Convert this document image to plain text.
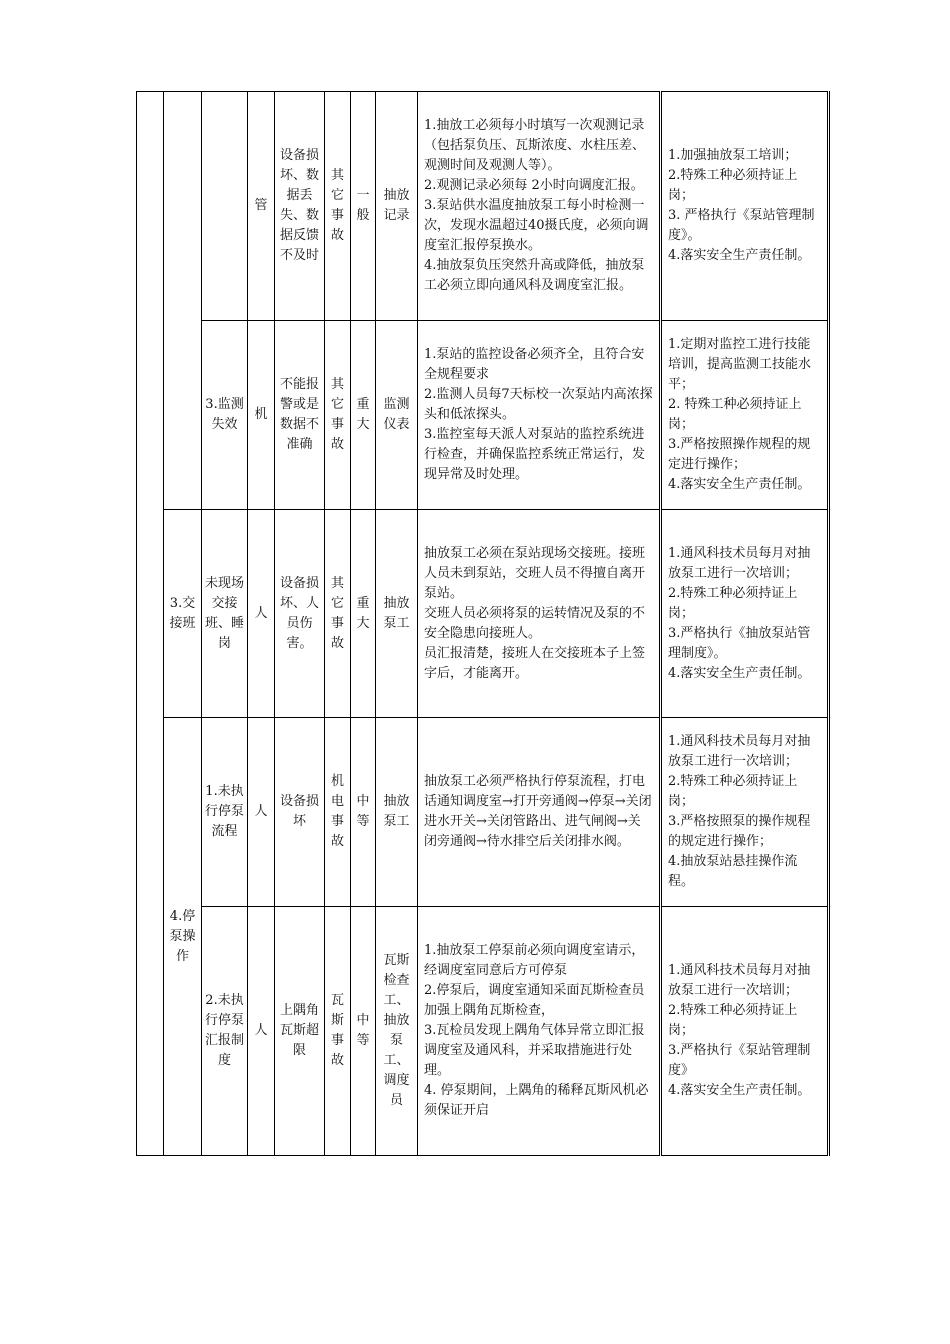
			管	设备损坏、数据丢失、数据反馈不及时	其它事故	一般	抽放记录	1.抽放工必须每小时填写一次观测记录（包括泵负压、瓦斯浓度、水柱压差、观测时间及观测人等）。
2.观测记录必须每 2小时向调度汇报。
3.泵站供水温度抽放泵工每小时检测一次，发现水温超过40摄氏度，必须向调度室汇报停泵换水。
4.抽放泵负压突然升高或降低，抽放泵工必须立即向通风科及调度室汇报。	1.加强抽放泵工培训；
2.特殊工种必须持证上岗；
3. 严格执行《泵站管理制度》。
4.落实安全生产责任制。

		3.监测失效	机	不能报警或是数据不准确	其它事故	重大	监测仪表	1.泵站的监控设备必须齐全，且符合安全规程要求
2.监测人员每7天标校一次泵站内高浓探头和低浓探头。
3.监控室每天派人对泵站的监控系统进行检查，并确保监控系统正常运行，发现异常及时处理。	1.定期对监控工进行技能培训，提高监测工技能水平；
2. 特殊工种必须持证上岗；
3.严格按照操作规程的规定进行操作；
4.落实安全生产责任制。

	3.交接班	未现场交接班、睡岗	人	设备损坏、人员伤害。	其它事故	重大	抽放泵工	抽放泵工必须在泵站现场交接班。接班人员未到泵站，交班人员不得擅自离开泵站。
交班人员必须将泵的运转情况及泵的不安全隐患向接班人。
员汇报清楚，接班人在交接班本子上签字后，才能离开。	1.通风科技术员每月对抽放泵工进行一次培训；
2.特殊工种必须持证上岗；
3.严格执行《抽放泵站管理制度》。
4.落实安全生产责任制。

	4.停泵操作	1.未执行停泵流程	人	设备损坏	机电事故	中等	抽放泵工	抽放泵工必须严格执行停泵流程，打电话通知调度室→打开旁通阀→停泵→关闭进水开关→关闭管路出、进气闸阀→关闭旁通阀→待水排空后关闭排水阀。	1.通风科技术员每月对抽放泵工进行一次培训；
2.特殊工种必须持证上岗；
3.严格按照泵的操作规程的规定进行操作；
4.抽放泵站悬挂操作流程。

		2.未执行停泵汇报制度	人	上隅角瓦斯超限	瓦斯事故	中等	瓦斯检查工、抽放泵工、调度员	1.抽放泵工停泵前必须向调度室请示，经调度室同意后方可停泵
2.停泵后，调度室通知采面瓦斯检查员加强上隅角瓦斯检查，
3.瓦检员发现上隅角气体异常立即汇报调度室及通风科，并采取措施进行处理。
4. 停泵期间，上隅角的稀释瓦斯风机必须保证开启	1.通风科技术员每月对抽放泵工进行一次培训；
2.特殊工种必须持证上岗；
3.严格执行《泵站管理制度》
4.落实安全生产责任制。
